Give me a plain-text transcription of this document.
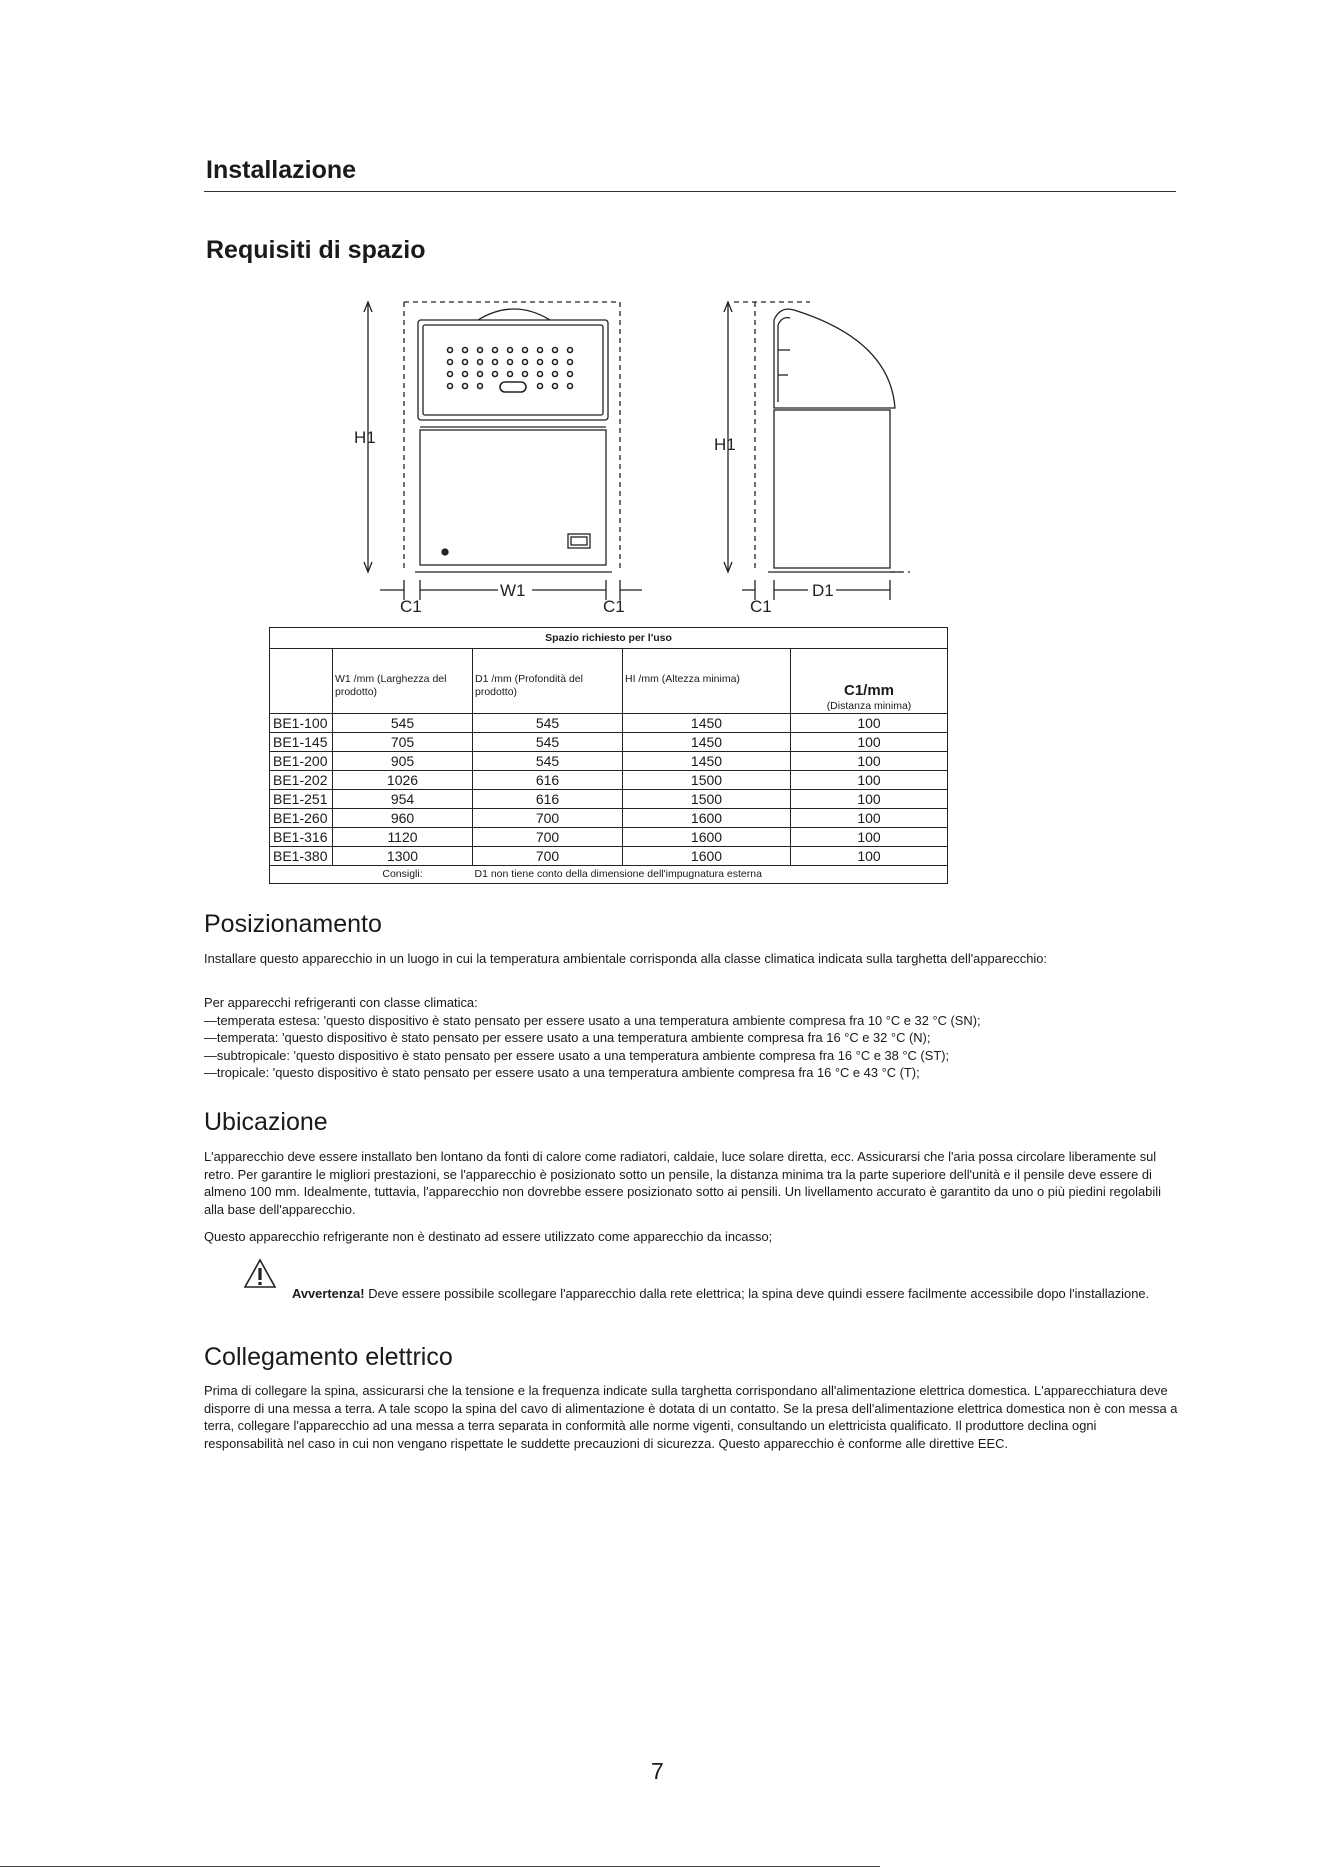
Installazione
Requisiti di spazio
H1
W1
C1	C1
H1
C1
D1
Spazio richiesto per l'uso				
	W1 /mm (Larghezza del prodotto)	D1 /mm (Profondità del prodotto)	HI /mm (Altezza minima)	C1/mm
(Distanza minima)

BE1-100	545	545	1450	100
BE1-145	705	545	1450	100
BE1-200	905	545	1450	100
BE1-202	1026	616	1500	100
BE1-251	954	616	1500	100
BE1-260	960	700	1600	100
BE1-316	1120	700	1600	100
BE1-380	1300	700	1600	100
	Consigli:	D1 non tiene conto della dimensione dell'impugnatura esterna		
Posizionamento
Installare questo apparecchio in un luogo in cui la temperatura ambientale corrisponda alla classe climatica indicata sulla targhetta dell'apparecchio:
Per apparecchi refrigeranti con classe climatica:
—temperata estesa: 'questo dispositivo è stato pensato per essere usato a una temperatura ambiente compresa fra 10 °C e 32 °C (SN);
—temperata: 'questo dispositivo è stato pensato per essere usato a una temperatura ambiente compresa fra 16 °C e 32 °C (N);
—subtropicale: 'questo dispositivo è stato pensato per essere usato a una temperatura ambiente compresa fra 16 °C e 38 °C (ST);
—tropicale: 'questo dispositivo è stato pensato per essere usato a una temperatura ambiente compresa fra 16 °C e 43 °C (T);
Ubicazione
L'apparecchio deve essere installato ben lontano da fonti di calore come radiatori, caldaie, luce solare diretta, ecc. Assicurarsi che l'aria possa circolare liberamente sul retro. Per garantire le migliori prestazioni, se l'apparecchio è posizionato sotto un pensile, la distanza minima tra la parte superiore dell'unità e il pensile deve essere di almeno 100 mm. Idealmente, tuttavia, l'apparecchio non dovrebbe essere posizionato sotto ai pensili. Un livellamento accurato è garantito da uno o più piedini regolabili alla base dell'apparecchio.
Questo apparecchio refrigerante non è destinato ad essere utilizzato come apparecchio da incasso;
Avvertenza! Deve essere possibile scollegare l'apparecchio dalla rete elettrica; la spina deve quindi essere facilmente accessibile dopo l'installazione.
Collegamento elettrico
Prima di collegare la spina, assicurarsi che la tensione e la frequenza indicate sulla targhetta corrispondano all'alimentazione elettrica domestica. L'apparecchiatura deve disporre di una messa a terra. A tale scopo la spina del cavo di alimentazione è dotata di un contatto. Se la presa dell'alimentazione elettrica domestica non è con messa a terra, collegare l'apparecchio ad una messa a terra separata in conformità alle norme vigenti, consultando un elettricista qualificato. Il produttore declina ogni responsabilità nel caso in cui non vengano rispettate le suddette precauzioni di sicurezza. Questo apparecchio è conforme alle direttive EEC.
7
